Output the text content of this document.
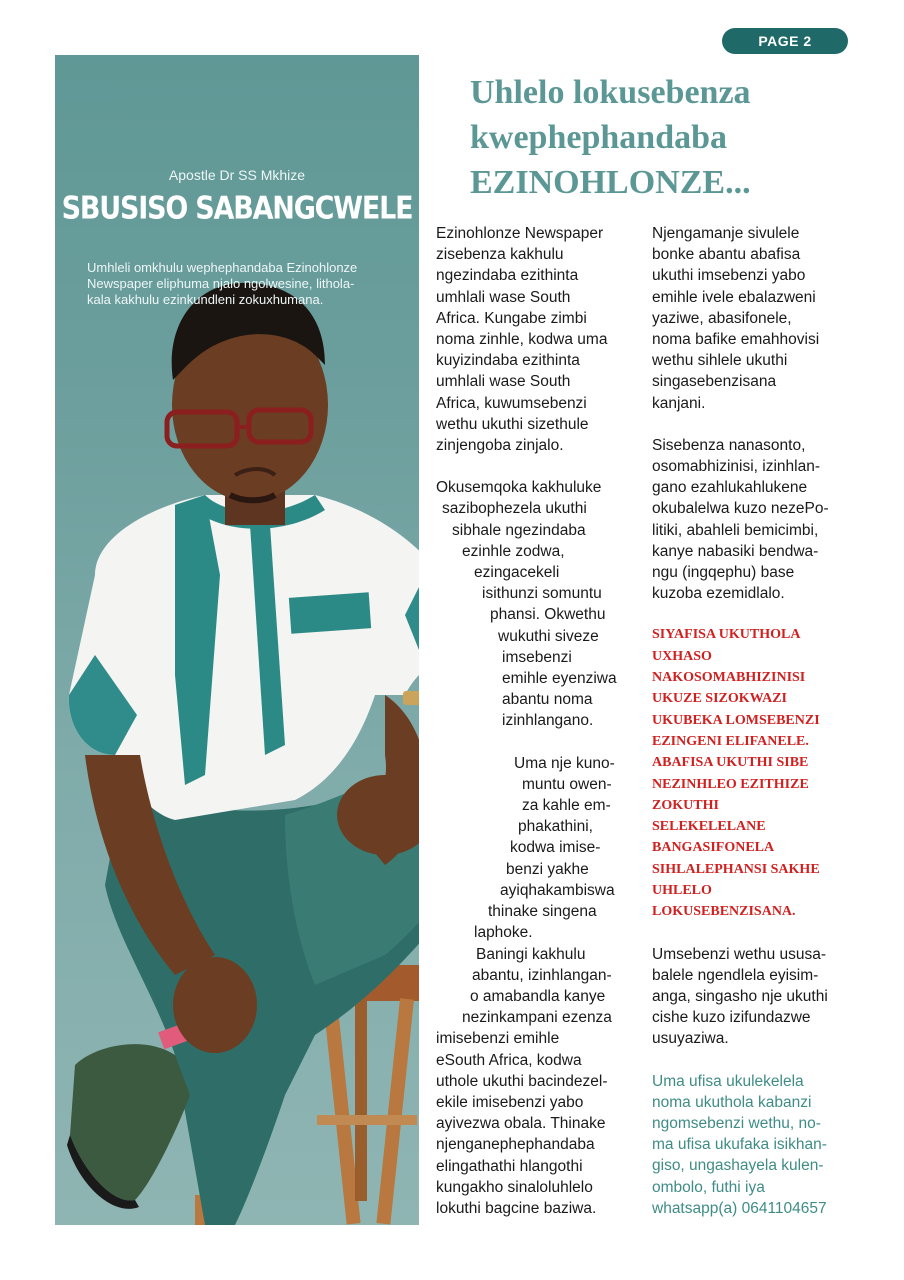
PAGE 2
Apostle Dr SS Mkhize
SBUSISO SABANGCWELE
Umhleli omkhulu wephephandaba Ezinohlonze
Newspaper eliphuma njalo ngolwesine, lithola-
kala kakhulu ezinkundleni zokuxhumana.
Uhlelo lokusebenza
kwephephandaba
EZINOHLONZE...

Ezinohlonze Newspaper
zisebenza kakhulu
ngezindaba ezithinta
umhlali wase South
Africa. Kungabe zimbi
noma zinhle, kodwa uma
kuyizindaba ezithinta
umhlali wase South
Africa, kuwumsebenzi
wethu ukuthi sizethule
zinjengoba zinjalo.

Okusemqoka kakhuluke
sazibophezela ukuthi
sibhale ngezindaba
ezinhle zodwa,
ezingacekeli
isithunzi somuntu
phansi. Okwethu
wukuthi siveze
imsebenzi
emihle eyenziwa
abantu noma
izinhlangano.

Uma nje kuno-
muntu owen-
za kahle em-
phakathini,
kodwa imise-
benzi yakhe
ayiqhakambiswa
thinake singena
laphoke.

Baningi kakhulu
abantu, izinhlangan-
o amabandla kanye
nezinkampani ezenza
imisebenzi emihle
eSouth Africa, kodwa
uthole ukuthi bacindezel-
ekile imisebenzi yabo
ayivezwa obala. Thinake
njenganephephandaba
elingathathi hlangothi
kungakho sinaloluhlelo
lokuthi bagcine baziwa.

Njengamanje sivulele
bonke abantu abafisa
ukuthi imsebenzi yabo
emihle ivele ebalazweni
yaziwe, abasifonele,
noma bafike emahhovisi
wethu sihlele ukuthi
singasebenzisana
kanjani.

Sisebenza nanasonto,
osomabhizinisi, izinhlan-
gano ezahlukahlukene
okubalelwa kuzo nezePo-
litiki, abahleli bemicimbi,
kanye nabasiki bendwa-
ngu (ingqephu) base
kuzoba ezemidlalo.

SIYAFISA UKUTHOLA
UXHASO
NAKOSOMABHIZINISI
UKUZE SIZOKWAZI
UKUBEKA LOMSEBENZI
EZINGENI ELIFANELE.
ABAFISA UKUTHI SIBE
NEZINHLEO EZITHIZE
ZOKUTHI
SELEKELELANE
BANGASIFONELA
SIHLALEPHANSI SAKHE
UHLELO
LOKUSEBENZISANA.

Umsebenzi wethu ususa-
balele ngendlela eyisim-
anga, singasho nje ukuthi
cishe kuzo izifundazwe
usuyaziwa.

Uma ufisa ukulekelela
noma ukuthola kabanzi
ngomsebenzi wethu, no-
ma ufisa ukufaka isikhan-
giso, ungashayela kulen-
ombolo, futhi iya
whatsapp(a) 0641104657
